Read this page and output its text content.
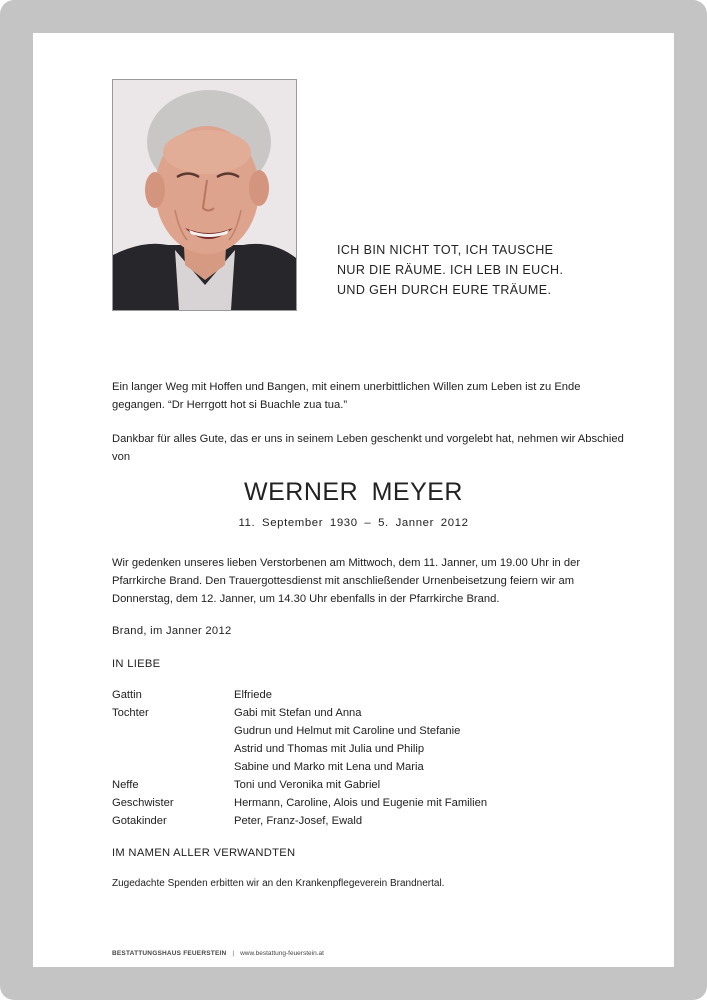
ICH BIN NICHT TOT, ICH TAUSCHE
NUR DIE RÄUME. ICH LEB IN EUCH.
UND GEH DURCH EURE TRÄUME.
Ein langer Weg mit Hoffen und Bangen, mit einem unerbittlichen Willen zum Leben ist zu Ende gegangen. “Dr Herrgott hot si Buachle zua tua.”
Dankbar für alles Gute, das er uns in seinem Leben geschenkt und vorgelebt hat, nehmen wir Abschied von
WERNER MEYER
11. September 1930 – 5. Janner 2012
Wir gedenken unseres lieben Verstorbenen am Mittwoch, dem 11. Janner, um 19.00 Uhr in der Pfarrkirche Brand. Den Trauergottesdienst mit anschließender Urnenbeisetzung feiern wir am Donnerstag, dem 12. Janner, um 14.30 Uhr ebenfalls in der Pfarrkirche Brand.
Brand, im Janner 2012
IN LIEBE
Gattin	Elfriede
Tochter	Gabi mit Stefan und Anna
Gudrun und Helmut mit Caroline und Stefanie
Astrid und Thomas mit Julia und Philip
Sabine und Marko mit Lena und Maria
Neffe	Toni und Veronika mit Gabriel
Geschwister	Hermann, Caroline, Alois und Eugenie mit Familien
Gotakinder	Peter, Franz-Josef, Ewald
IM NAMEN ALLER VERWANDTEN
Zugedachte Spenden erbitten wir an den Krankenpflegeverein Brandnertal.
BESTATTUNGSHAUS FEUERSTEIN | www.bestattung-feuerstein.at
